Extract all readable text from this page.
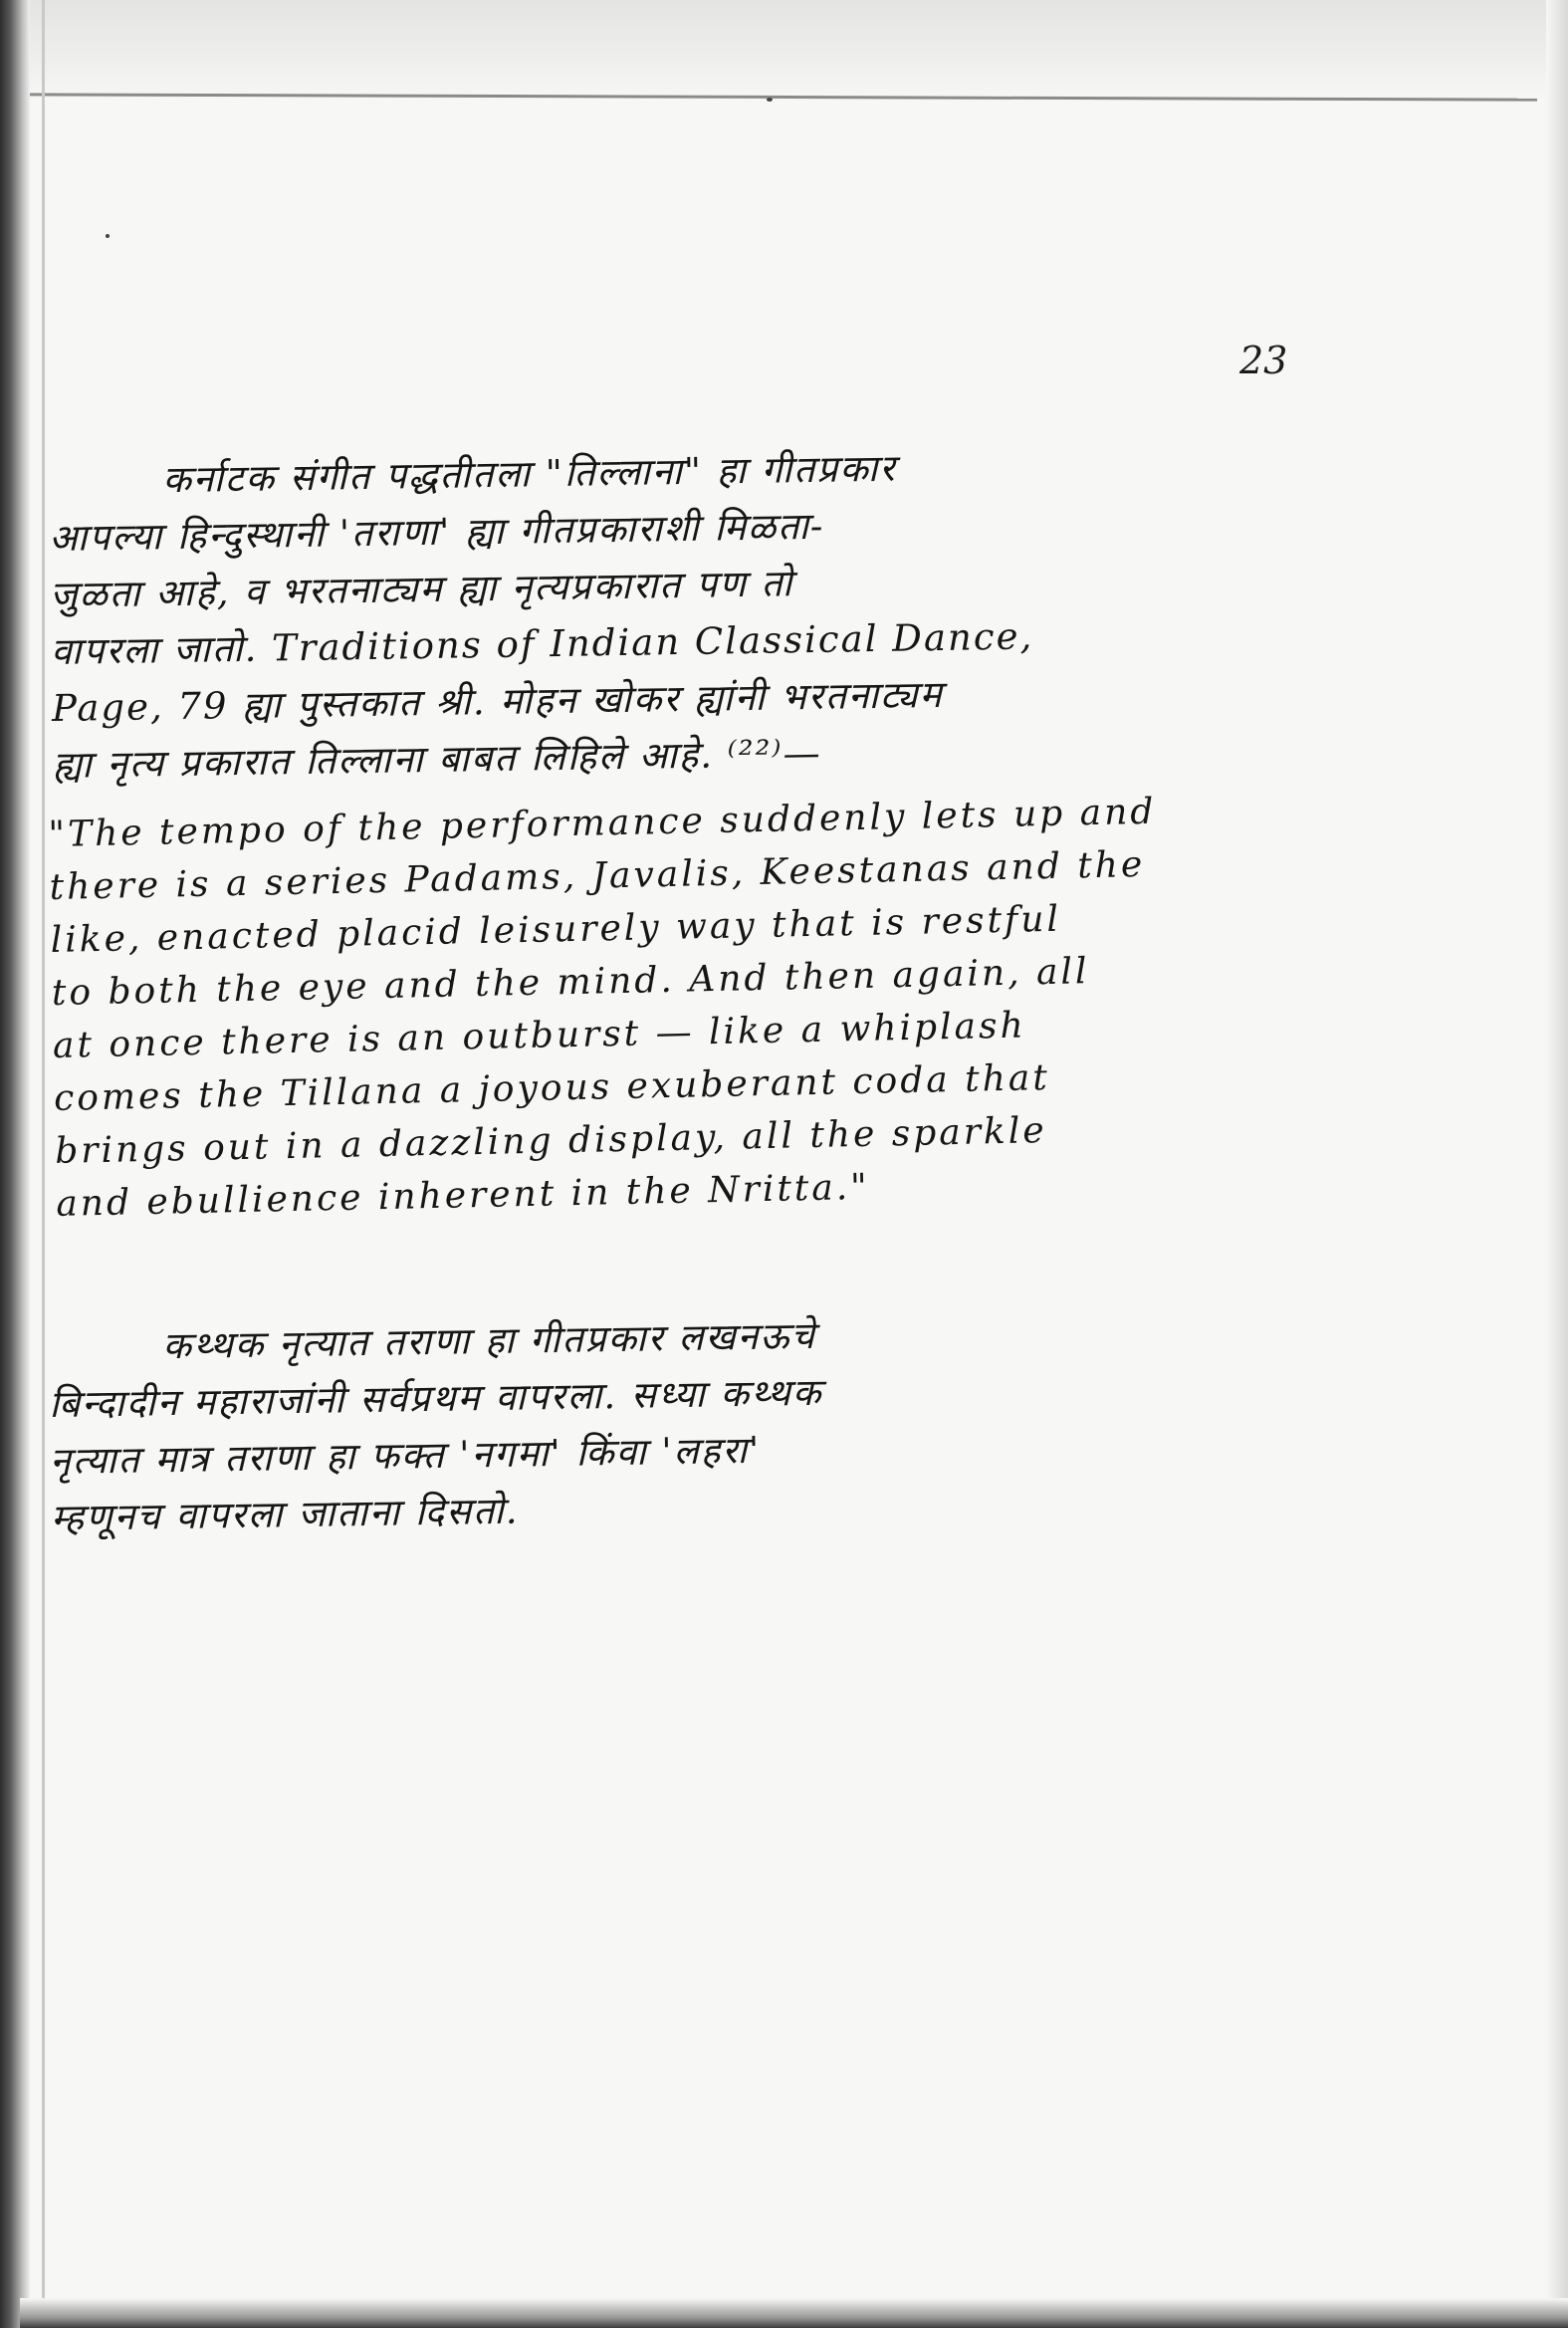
23
कर्नाटक संगीत पद्धतीतला "तिल्लाना" हा गीतप्रकार
आपल्या हिन्दुस्थानी 'तराणा' ह्या गीतप्रकाराशी मिळता-
जुळता आहे, व भरतनाट्यम ह्या नृत्यप्रकारात पण तो
वापरला जातो. Traditions of Indian Classical Dance,
Page, 79 ह्या पुस्तकात श्री. मोहन खोकर ह्यांनी भरतनाट्यम
ह्या नृत्य प्रकारात तिल्लाना बाबत लिहिले आहे. ⁽²²⁾—
"The tempo of the performance suddenly lets up and
there is a series Padams, Javalis, Keestanas and the
like, enacted placid leisurely way that is restful
to both the eye and the mind. And then again, all
at once there is an outburst — like a whiplash
comes the Tillana a joyous exuberant coda that
brings out in a dazzling display, all the sparkle
and ebullience inherent in the Nritta."
कथ्थक नृत्यात तराणा हा गीतप्रकार लखनऊचे
बिन्दादीन महाराजांनी सर्वप्रथम वापरला. सध्या कथ्थक
नृत्यात मात्र तराणा हा फक्त 'नगमा' किंवा 'लहरा'
म्हणूनच वापरला जाताना दिसतो.
